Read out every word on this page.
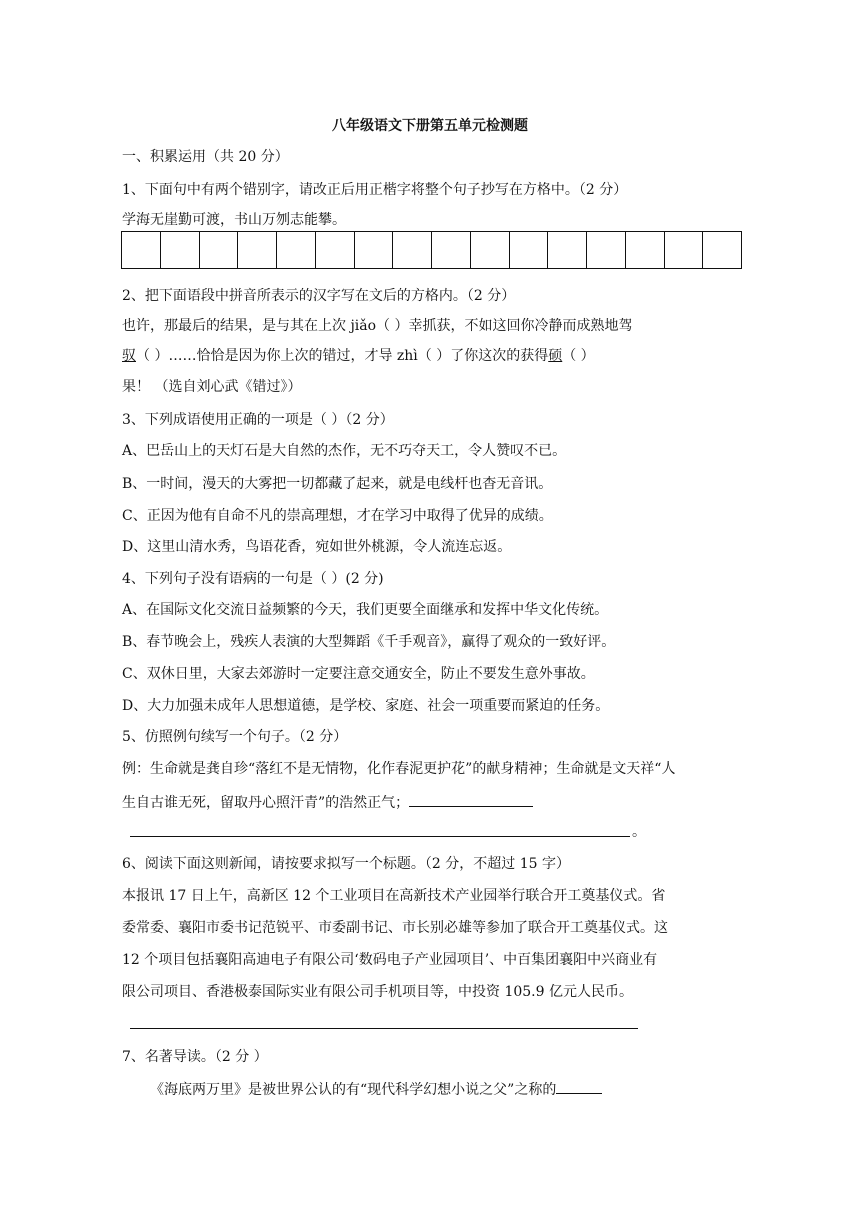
八年级语文下册第五单元检测题
一、积累运用（共 20 分）
1、下面句中有两个错别字，请改正后用正楷字将整个句子抄写在方格中。（2 分）
学海无崖勤可渡，书山万刎志能攀。
2、把下面语段中拼音所表示的汉字写在文后的方格内。（2 分）
也许，那最后的结果，是与其在上次 jiǎo（ ）幸抓获，不如这回你冷静而成熟地驾
驭（ ）……恰恰是因为你上次的错过，才导 zhì（ ）了你这次的获得硕（ ）
果！ （选自刘心武《错过》）
3、下列成语使用正确的一项是（ ）（2 分）
A、巴岳山上的天灯石是大自然的杰作，无不巧夺天工，令人赞叹不已。
B、一时间，漫天的大雾把一切都藏了起来，就是电线杆也杳无音讯。
C、正因为他有自命不凡的崇高理想，才在学习中取得了优异的成绩。
D、这里山清水秀，鸟语花香，宛如世外桃源，令人流连忘返。
4、下列句子没有语病的一句是（ ）(2 分)
A、在国际文化交流日益频繁的今天，我们更要全面继承和发挥中华文化传统。
B、春节晚会上，残疾人表演的大型舞蹈《千手观音》，赢得了观众的一致好评。
C、双休日里，大家去郊游时一定要注意交通安全，防止不要发生意外事故。
D、大力加强未成年人思想道德，是学校、家庭、社会一项重要而紧迫的任务。
5、仿照例句续写一个句子。（2 分）
例：生命就是龚自珍“落红不是无情物，化作春泥更护花”的献身精神；生命就是文天祥“人
生自古谁无死，留取丹心照汗青”的浩然正气；
。
6、阅读下面这则新闻，请按要求拟写一个标题。（2 分，不超过 15 字）
本报讯 17 日上午，高新区 12 个工业项目在高新技术产业园举行联合开工奠基仪式。省
委常委、襄阳市委书记范锐平、市委副书记、市长别必雄等参加了联合开工奠基仪式。这
12 个项目包括襄阳高迪电子有限公司‘数码电子产业园项目’、中百集团襄阳中兴商业有
限公司项目、香港极泰国际实业有限公司手机项目等，中投资 105.9 亿元人民币。
7、名著导读。（2 分 ）
《海底两万里》是被世界公认的有“现代科学幻想小说之父”之称的
